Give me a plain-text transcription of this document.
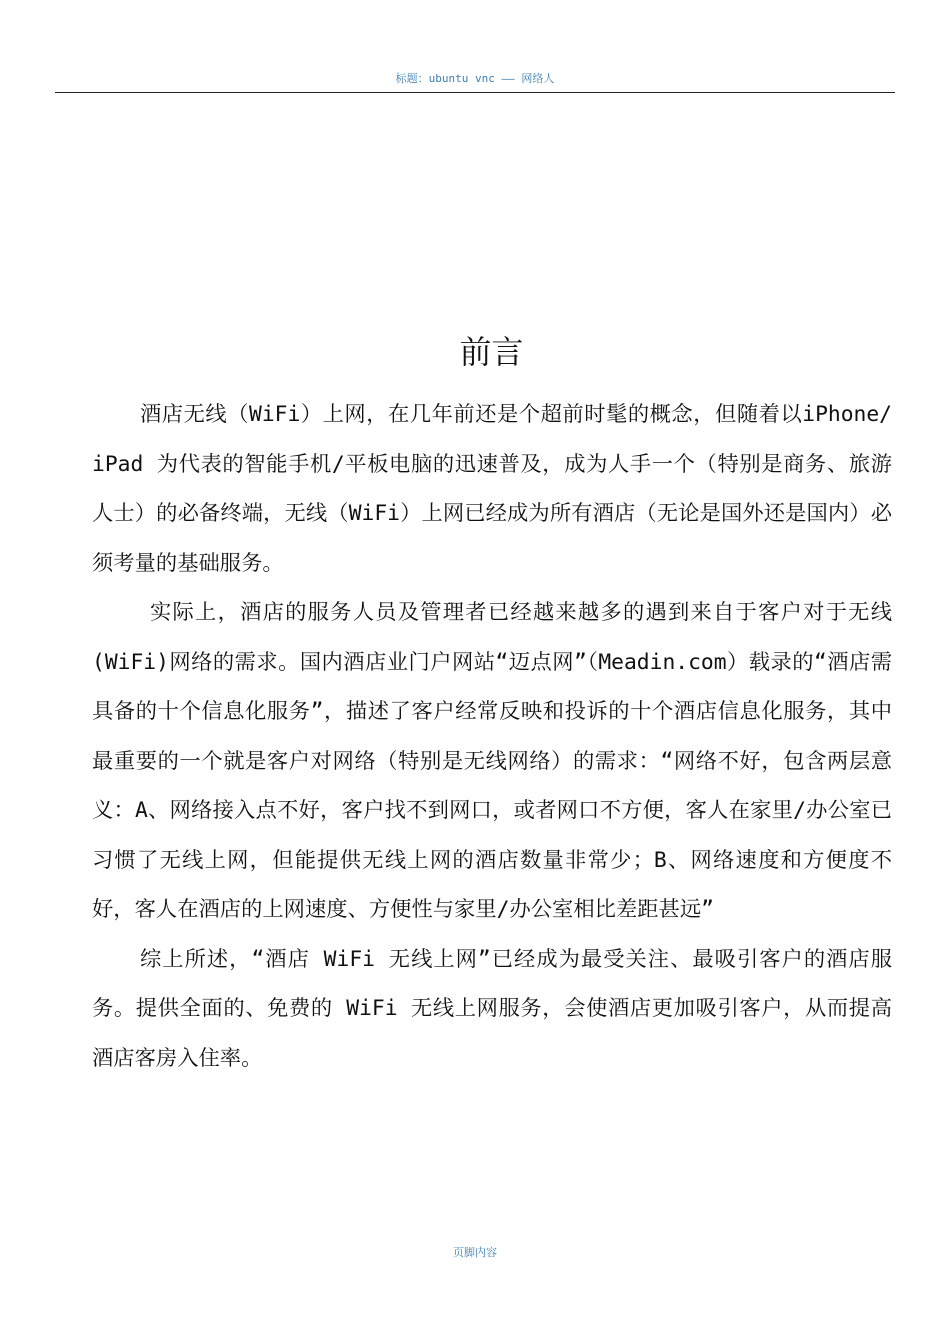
标题：ubuntu vnc —— 网络人
前言

酒店无线（WiFi）上网，在几年前还是个超前时髦的概念，但随着以iPhone/ iPad 为代表的智能手机/平板电脑的迅速普及，成为人手一个（特别是商务、旅游人士）的必备终端，无线（WiFi）上网已经成为所有酒店（无论是国外还是国内）必须考量的基础服务。

实际上，酒店的服务人员及管理者已经越来越多的遇到来自于客户对于无线(WiFi)网络的需求。国内酒店业门户网站“迈点网”（Meadin.com）载录的“酒店需具备的十个信息化服务”，描述了客户经常反映和投诉的十个酒店信息化服务，其中最重要的一个就是客户对网络（特别是无线网络）的需求：“网络不好，包含两层意义：A、网络接入点不好，客户找不到网口，或者网口不方便，客人在家里/办公室已习惯了无线上网，但能提供无线上网的酒店数量非常少；B、网络速度和方便度不好，客人在酒店的上网速度、方便性与家里/办公室相比差距甚远”

综上所述，“酒店 WiFi 无线上网”已经成为最受关注、最吸引客户的酒店服务。提供全面的、免费的 WiFi 无线上网服务，会使酒店更加吸引客户，从而提高酒店客房入住率。

页脚内容
